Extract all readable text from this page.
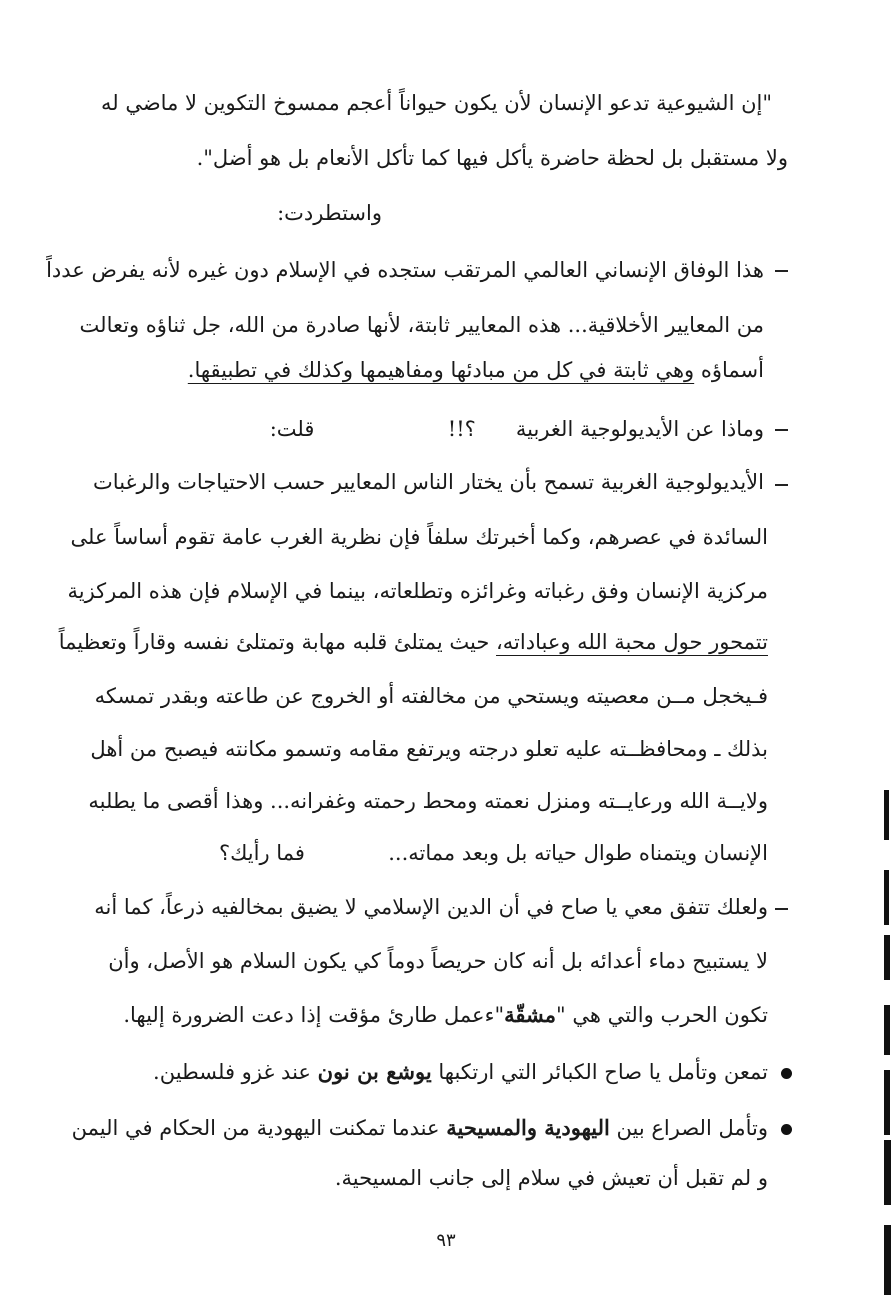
"إن الشيوعية تدعو الإنسان لأن يكون حيواناً أعجم ممسوخ التكوين لا ماضي له
ولا مستقبل بل لحظة حاضرة يأكل فيها كما تأكل الأنعام بل هو أضل".
واستطردت:
هذا الوفاق الإنساني العالمي المرتقب ستجده في الإسلام دون غيره لأنه يفرض عدداً
من المعايير الأخلاقية... هذه المعايير ثابتة، لأنها صادرة من الله، جل ثناؤه وتعالت
أسماؤه وهي ثابتة في كل من مبادئها ومفاهيمها وكذلك في تطبيقها.
وماذا عن الأيديولوجية الغربية      ؟!!  قلت:
الأيديولوجية الغربية تسمح بأن يختار الناس المعايير حسب الاحتياجات والرغبات
السائدة في عصرهم، وكما أخبرتك سلفاً فإن نظرية الغرب عامة تقوم أساساً على
مركزية الإنسان وفق رغباته وغرائزه وتطلعاته، بينما في الإسلام فإن هذه المركزية
تتمحور حول محبة الله وعباداته، حيث يمتلئ قلبه مهابة وتمتلئ نفسه وقاراً وتعظيماً
فـيخجل مــن معصيته ويستحي من مخالفته أو الخروج عن طاعته وبقدر تمسكه
بذلك ـ ومحافظــته عليه تعلو درجته ويرتفع مقامه وتسمو مكانته فيصبح من أهل
ولايــة الله ورعايــته ومنزل نعمته ومحط رحمته وغفرانه... وهذا أقصى ما يطلبه
الإنسان ويتمناه طوال حياته بل وبعد مماته...  فما رأيك؟
ولعلك تتفق معي يا صاح في أن الدين الإسلامي لا يضيق بمخالفيه ذرعاً، كما أنه
لا يستبيح دماء أعدائه بل أنه كان حريصاً دوماً كي يكون السلام هو الأصل، وأن
تكون الحرب والتي هي "مشقّة"ءعمل طارئ مؤقت إذا دعت الضرورة إليها.
تمعن وتأمل يا صاح الكبائر التي ارتكبها يوشع بن نون عند غزو فلسطين.
وتأمل الصراع بين اليهودية والمسيحية عندما تمكنت اليهودية من الحكام في اليمن
و لم تقبل أن تعيش في سلام إلى جانب المسيحية.
٩٣
